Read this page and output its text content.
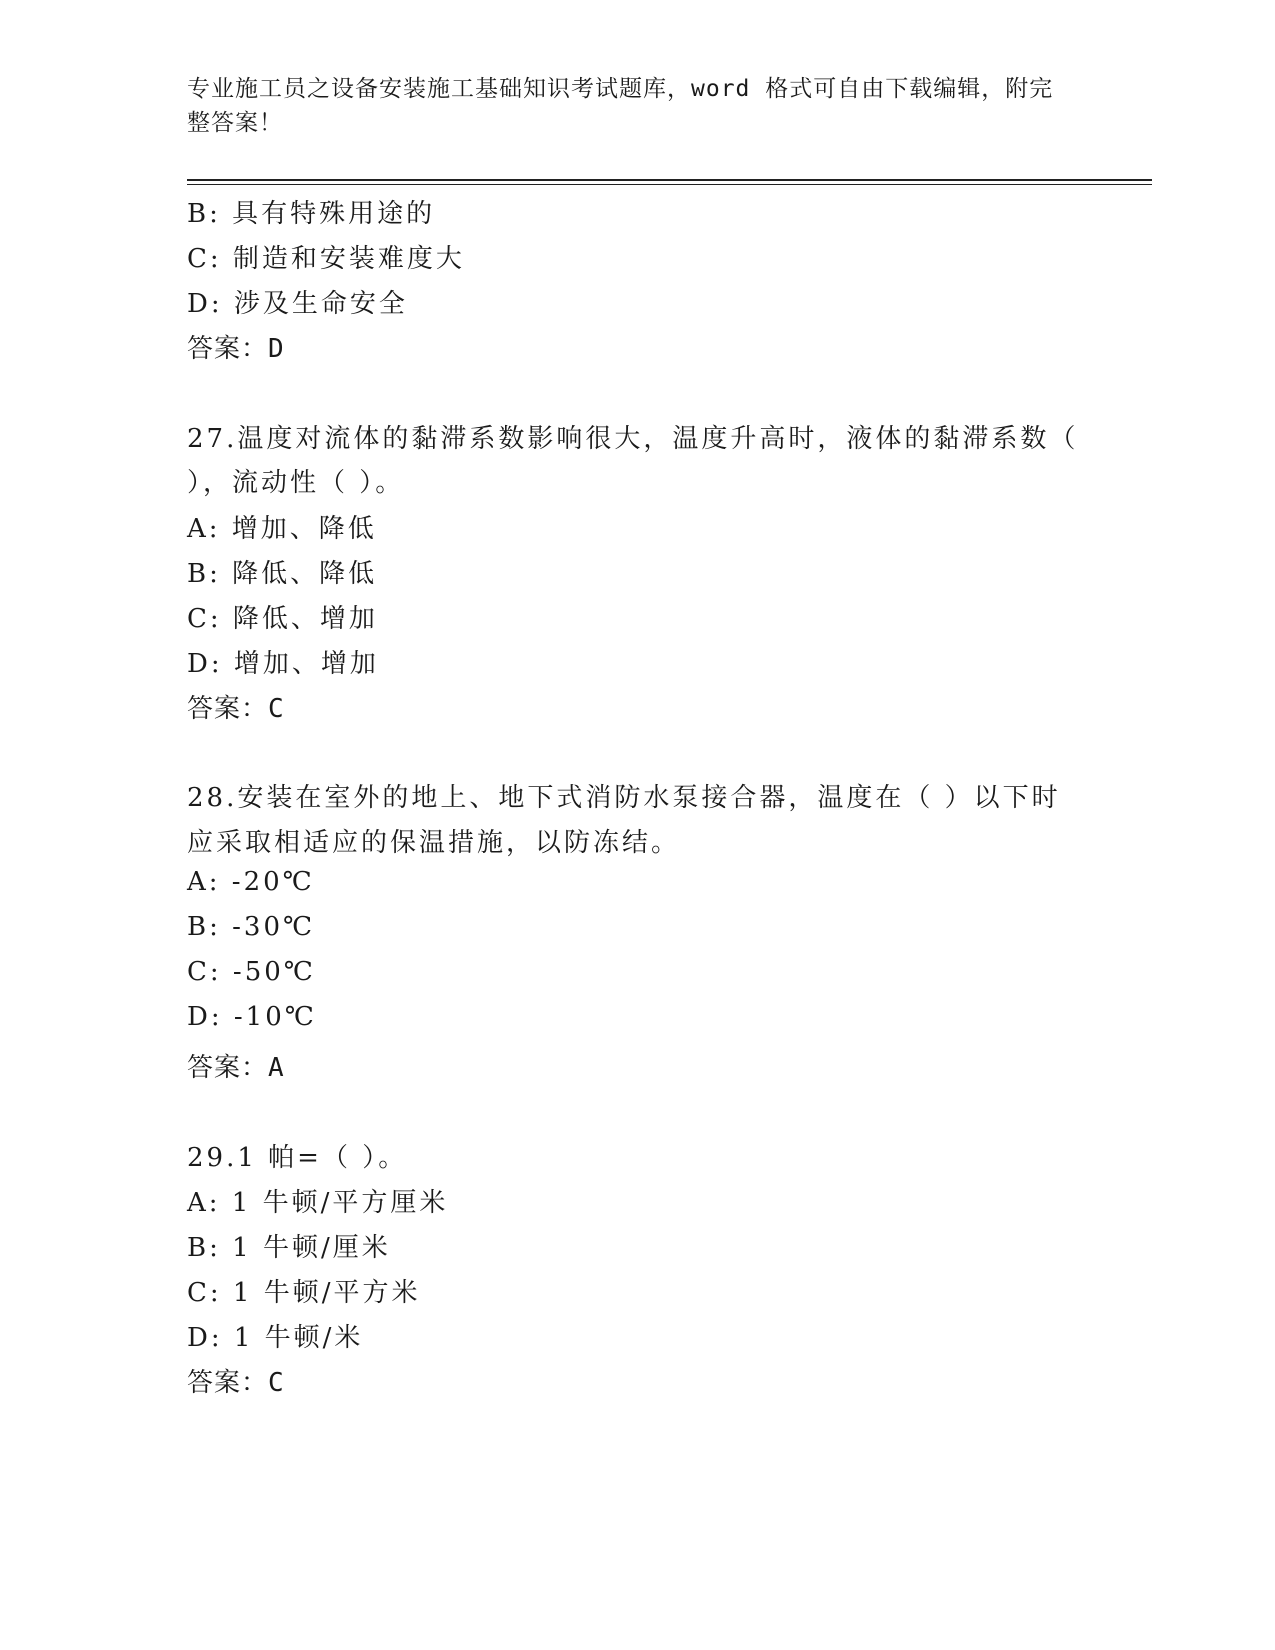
专业施工员之设备安装施工基础知识考试题库，word 格式可自由下载编辑，附完
整答案！
B: 具有特殊用途的
C: 制造和安装难度大
D: 涉及生命安全
答案：D
27.温度对流体的黏滞系数影响很大，温度升高时，液体的黏滞系数（
），流动性（ ）。
A: 增加、降低
B: 降低、降低
C: 降低、增加
D: 增加、增加
答案：C
28.安装在室外的地上、地下式消防水泵接合器，温度在（ ）以下时
应采取相适应的保温措施，以防冻结。
A: -20℃
B: -30℃
C: -50℃
D: -10℃
答案：A
29.1 帕=（ ）。
A: 1 牛顿/平方厘米
B: 1 牛顿/厘米
C: 1 牛顿/平方米
D: 1 牛顿/米
答案：C
